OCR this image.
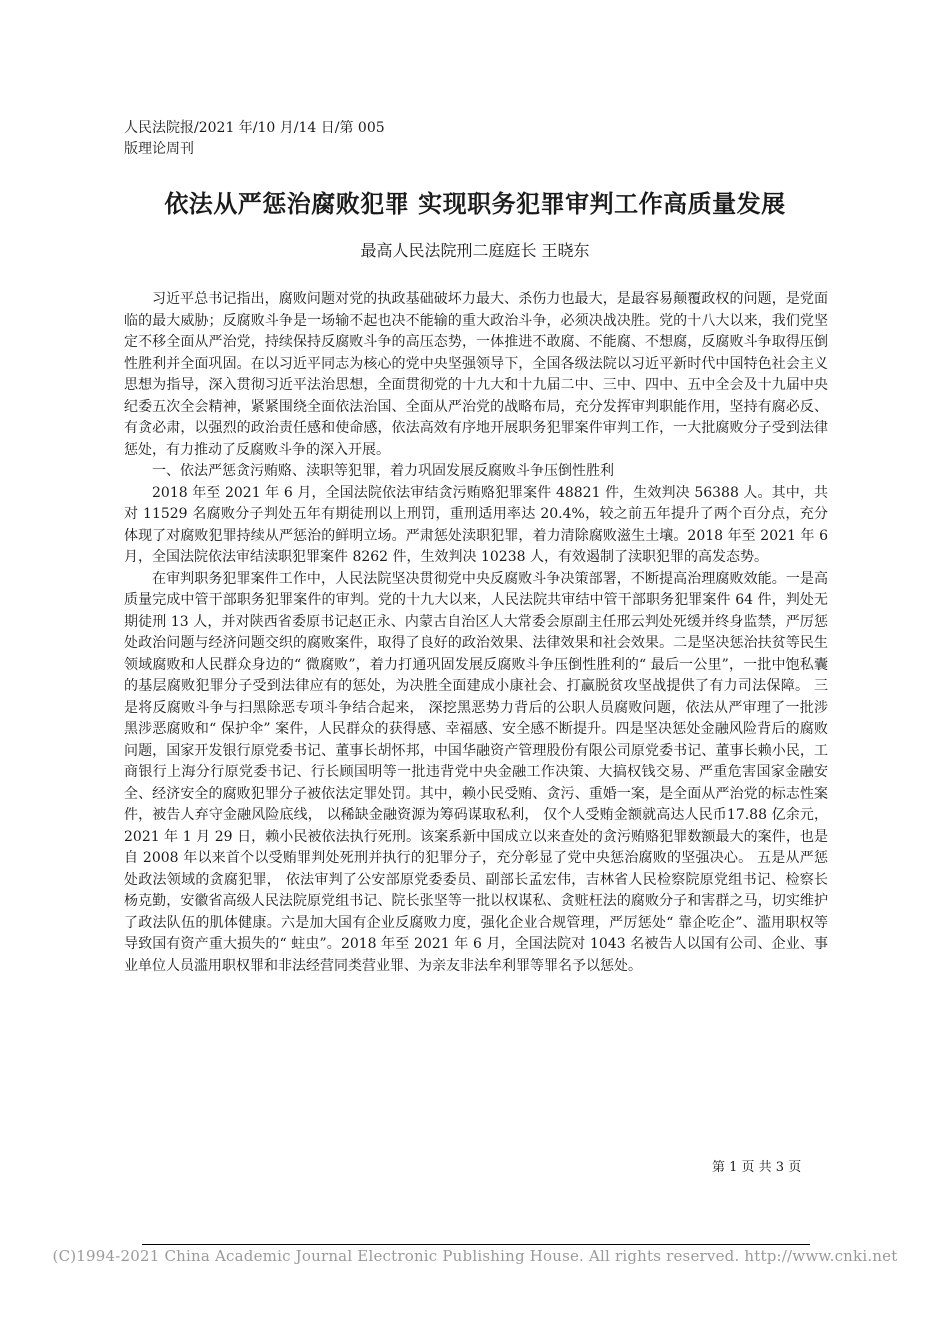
人民法院报/2021 年/10 月/14 日/第 005
版理论周刊
依法从严惩治腐败犯罪 实现职务犯罪审判工作高质量发展
最高人民法院刑二庭庭长 王晓东

习近平总书记指出，腐败问题对党的执政基础破坏力最大、杀伤力也最大，是最容易颠覆政权的问题，是党面临的最大威胁；反腐败斗争是一场输不起也决不能输的重大政治斗争，必须决战决胜。党的十八大以来，我们党坚定不移全面从严治党，持续保持反腐败斗争的高压态势，一体推进不敢腐、不能腐、不想腐，反腐败斗争取得压倒性胜利并全面巩固。在以习近平同志为核心的党中央坚强领导下，全国各级法院以习近平新时代中国特色社会主义思想为指导，深入贯彻习近平法治思想，全面贯彻党的十九大和十九届二中、三中、四中、五中全会及十九届中央纪委五次全会精神，紧紧围绕全面依法治国、全面从严治党的战略布局，充分发挥审判职能作用，坚持有腐必反、有贪必肃，以强烈的政治责任感和使命感，依法高效有序地开展职务犯罪案件审判工作，一大批腐败分子受到法律惩处，有力推动了反腐败斗争的深入开展。

一、依法严惩贪污贿赂、渎职等犯罪，着力巩固发展反腐败斗争压倒性胜利

2018 年至 2021 年 6 月，全国法院依法审结贪污贿赂犯罪案件 48821 件，生效判决 56388 人。其中，共对 11529 名腐败分子判处五年有期徒刑以上刑罚，重刑适用率达 20.4%，较之前五年提升了两个百分点，充分体现了对腐败犯罪持续从严惩治的鲜明立场。严肃惩处渎职犯罪，着力清除腐败滋生土壤。2018 年至 2021 年 6 月，全国法院依法审结渎职犯罪案件 8262 件，生效判决 10238 人，有效遏制了渎职犯罪的高发态势。

在审判职务犯罪案件工作中，人民法院坚决贯彻党中央反腐败斗争决策部署，不断提高治理腐败效能。一是高质量完成中管干部职务犯罪案件的审判。党的十九大以来，人民法院共审结中管干部职务犯罪案件 64 件，判处无期徒刑 13 人，并对陕西省委原书记赵正永、内蒙古自治区人大常委会原副主任邢云判处死缓并终身监禁，严厉惩处政治问题与经济问题交织的腐败案件，取得了良好的政治效果、法律效果和社会效果。二是坚决惩治扶贫等民生领域腐败和人民群众身边的“ 微腐败”，着力打通巩固发展反腐败斗争压倒性胜利的“ 最后一公里”，一批中饱私囊的基层腐败犯罪分子受到法律应有的惩处，为决胜全面建成小康社会、打赢脱贫攻坚战提供了有力司法保障。 三是将反腐败斗争与扫黑除恶专项斗争结合起来， 深挖黑恶势力背后的公职人员腐败问题，依法从严审理了一批涉黑涉恶腐败和“ 保护伞” 案件，人民群众的获得感、幸福感、安全感不断提升。四是坚决惩处金融风险背后的腐败问题，国家开发银行原党委书记、董事长胡怀邦，中国华融资产管理股份有限公司原党委书记、董事长赖小民，工商银行上海分行原党委书记、行长顾国明等一批违背党中央金融工作决策、大搞权钱交易、严重危害国家金融安全、经济安全的腐败犯罪分子被依法定罪处罚。其中，赖小民受贿、贪污、重婚一案，是全面从严治党的标志性案件，被告人弃守金融风险底线， 以稀缺金融资源为筹码谋取私利， 仅个人受贿金额就高达人民币17.88 亿余元，2021 年 1 月 29 日，赖小民被依法执行死刑。该案系新中国成立以来查处的贪污贿赂犯罪数额最大的案件，也是自 2008 年以来首个以受贿罪判处死刑并执行的犯罪分子，充分彰显了党中央惩治腐败的坚强决心。 五是从严惩处政法领域的贪腐犯罪， 依法审判了公安部原党委委员、副部长孟宏伟，吉林省人民检察院原党组书记、检察长杨克勤，安徽省高级人民法院原党组书记、院长张坚等一批以权谋私、贪赃枉法的腐败分子和害群之马，切实维护了政法队伍的肌体健康。六是加大国有企业反腐败力度，强化企业合规管理，严厉惩处“ 靠企吃企”、滥用职权等导致国有资产重大损失的“ 蛀虫”。2018 年至 2021 年 6 月，全国法院对 1043 名被告人以国有公司、企业、事业单位人员滥用职权罪和非法经营同类营业罪、为亲友非法牟利罪等罪名予以惩处。

第 1 页 共 3 页
(C)1994-2021 China Academic Journal Electronic Publishing House. All rights reserved. http://www.cnki.net
